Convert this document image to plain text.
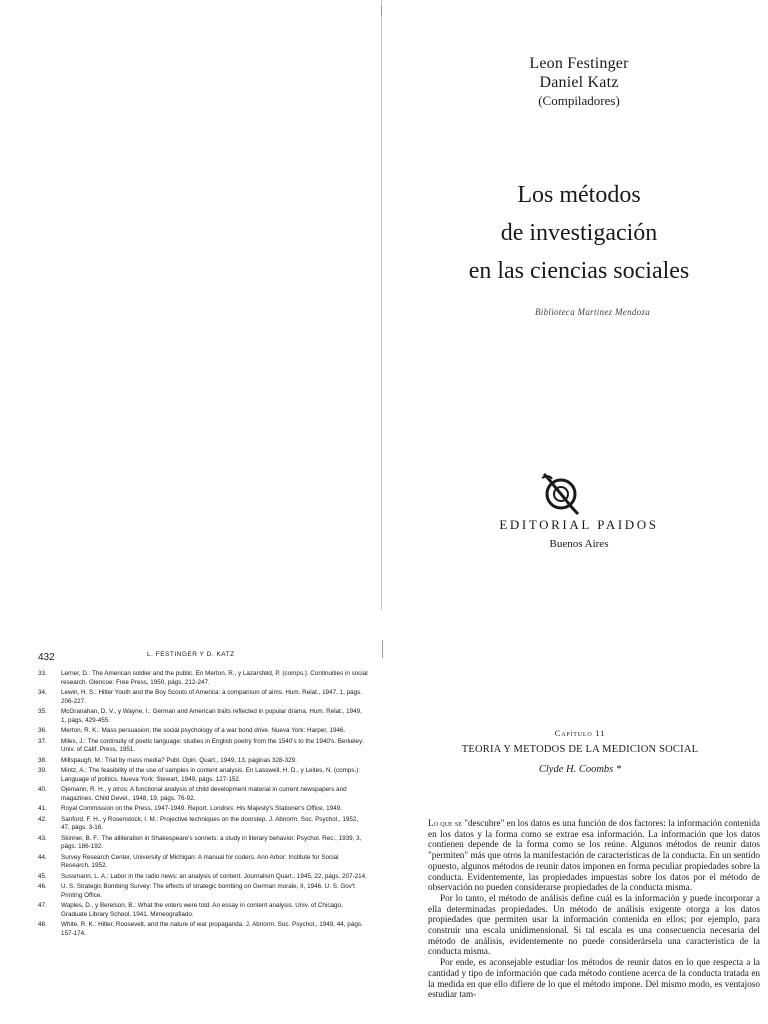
Leon Festinger
Daniel Katz
(Compiladores)
Los métodos
de investigación
en las ciencias sociales
Biblioteca Martinez Mendoza
EDITORIAL PAIDOS
Buenos Aires
432	L. FESTINGER Y D. KATZ
33. Lerner, D.: The American soldier and the public. En Merton, R., y Lazarsfeld, P. (comps.): Continuities in social research. Glencoe: Free Press, 1950, págs. 212-247.
34. Lewin, H. S.: Hitler Youth and the Boy Scouts of America: a comparison of aims. Hum. Relat., 1947, 1, págs. 206-227.
35. McGranahan, D. V., y Wayne, I.: German and American traits reflected in popular drama. Hum. Relat., 1949, 1, págs. 429-455.
36. Merton, R. K.: Mass persuasion; the social psychology of a war bond drive. Nueva York: Harper, 1946.
37. Miles, J.: The continuity of poetic language: studies in English poetry from the 1540's to the 1940's. Berkeley: Univ. of Calif. Press, 1951.
38. Millspaugh, M.: Trial by mass media? Publ. Opin. Quart., 1949, 13, páginas 328-329.
39. Mintz, A.: The feasibility of the use of samples in content analysis. En Lasswell, H. D., y Leites, N. (comps.): Language of politics. Nueva York: Stewart, 1949, págs. 127-152.
40. Ojemann, R. H., y otros: A functional analysis of child development material in current newspapers and magazines. Child Devel., 1948, 19, págs. 76-92.
41. Royal Commission on the Press, 1947-1949. Report. Londres: His Majesty's Stationer's Office, 1949.
42. Sanford, F. H., y Rosenstock, I. M.: Projective techniques on the doorstep. J. Abnorm. Soc. Psychol., 1952, 47, págs. 3-16.
43. Skinner, B. F.: The alliteration in Shakespeare's sonnets: a study in literary behavior. Psychol. Rec., 1939, 3, págs. 186-192.
44. Survey Research Center, University of Michigan: A manual for coders. Ann Arbor: Institute for Social Research, 1952.
45. Sussmann, L. A.: Labor in the radio news: an analysis of content. Journalism Quart., 1945, 22, págs. 207-214.
46. U. S. Strategic Bombing Survey: The effects of strategic bombing on German morale, II, 1946. U. S. Gov't Printing Office.
47. Waples, D., y Berelson, B.: What the voters were told: An essay in content analysis. Univ. of Chicago, Graduate Library School, 1941. Mimeografiado.
48. White, R. K.: Hitler, Roosevelt, and the nature of war propaganda. J. Abnorm. Soc. Psychol., 1949, 44, págs. 157-174.
Capítulo 11
TEORIA Y METODOS DE LA MEDICION SOCIAL
Clyde H. Coombs *

Lo que se "descubre" en los datos es una función de dos factores: la información contenida en los datos y la forma como se extrae esa información. La información que los datos contienen depende de la forma como se los reúne. Algunos métodos de reunir datos "permiten" más que otros la manifestación de características de la conducta. En un sentido opuesto, algunos métodos de reunir datos imponen en forma peculiar propiedades sobre la conducta. Evidentemente, las propiedades impuestas sobre los datos por el método de observación no pueden considerarse propiedades de la conducta misma.

Por lo tanto, el método de análisis define cuál es la información y puede incorporar a ella determinadas propiedades. Un método de análisis exigente otorga a los datos propiedades que permiten usar la información contenida en ellos; por ejemplo, para construir una escala unidimensional. Si tal escala es una consecuencia necesaria del método de análisis, evidentemente no puede considerársela una característica de la conducta misma.

Por ende, es aconsejable estudiar los métodos de reunir datos en lo que respecta a la cantidad y tipo de información que cada método contiene acerca de la conducta tratada en la medida en que ello difiere de lo que el método impone. Del mismo modo, es ventajoso estudiar tam-
